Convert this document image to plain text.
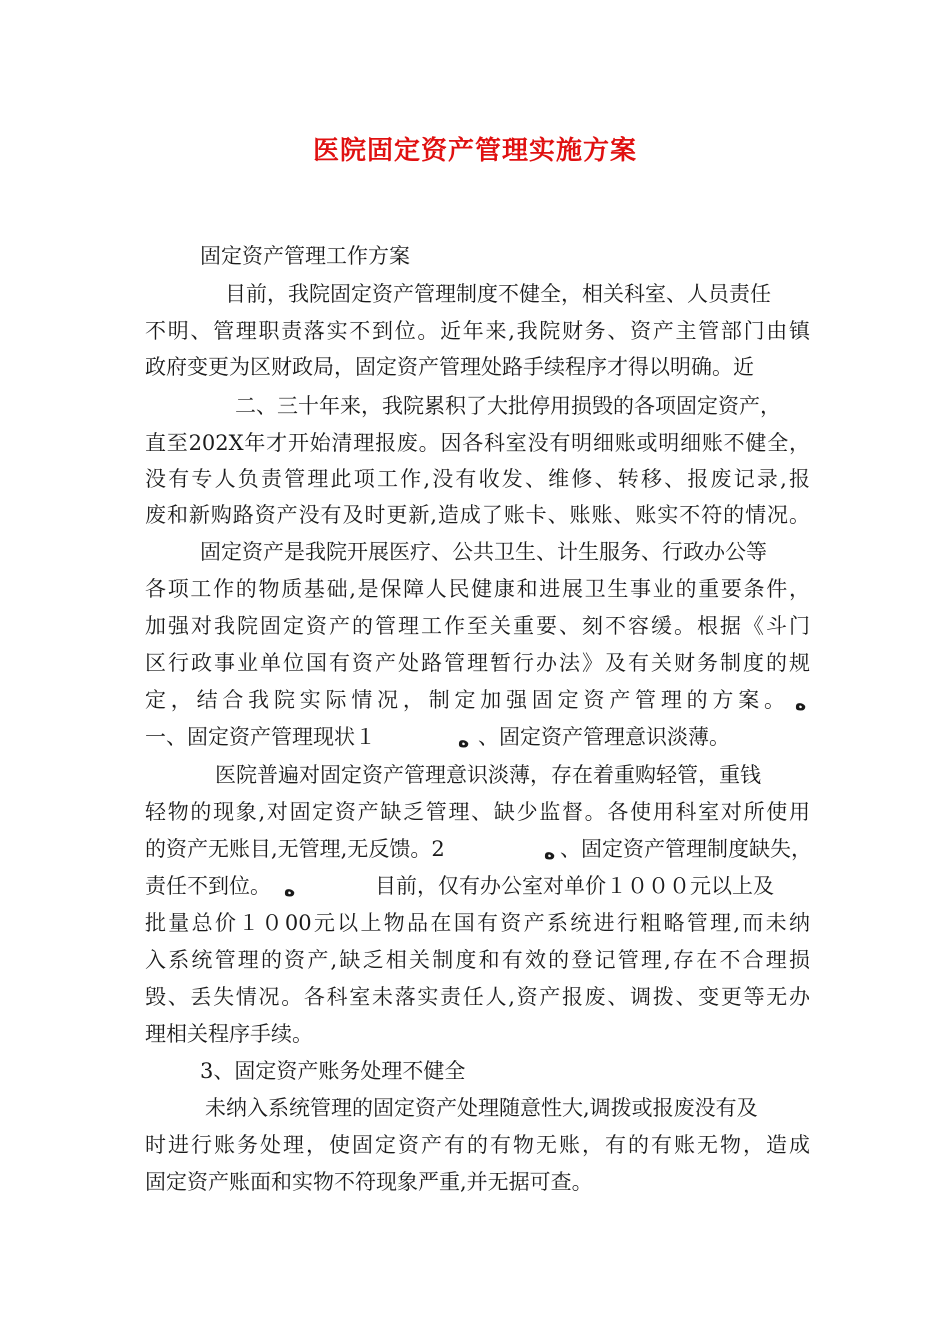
医院固定资产管理实施方案
固定资产管理工作方案
目前，我院固定资产管理制度不健全，相关科室、人员责任
不明、管理职责落实不到位。近年来,我院财务、资产主管部门由镇
政府变更为区财政局，固定资产管理处路手续程序才得以明确。近
二、三十年来，我院累积了大批停用损毁的各项固定资产，
直至202X年才开始清理报废。因各科室没有明细账或明细账不健全，
没有专人负责管理此项工作,没有收发、维修、转移、报废记录,报
废和新购路资产没有及时更新,造成了账卡、账账、账实不符的情况。
固定资产是我院开展医疗、公共卫生、计生服务、行政办公等
各项工作的物质基础,是保障人民健康和进展卫生事业的重要条件，
加强对我院固定资产的管理工作至关重要、刻不容缓。根据《斗门
区行政事业单位国有资产处路管理暂行办法》及有关财务制度的规
定，结合我院实际情况，制定加强固定资产管理的方案。 ﻩ
一、固定资产管理现状１	ﻩ 、固定资产管理意识淡薄。
医院普遍对固定资产管理意识淡薄，存在着重购轻管，重钱
轻物的现象,对固定资产缺乏管理、缺少监督。各使用科室对所使用
的资产无账目,无管理,无反馈。2	ﻩ 、固定资产管理制度缺失，
责任不到位。 ﻩ	目前，仅有办公室对单价１０００元以上及
批量总价１０00元以上物品在国有资产系统进行粗略管理,而未纳
入系统管理的资产,缺乏相关制度和有效的登记管理,存在不合理损
毁、丢失情况。各科室未落实责任人,资产报废、调拨、变更等无办
理相关程序手续。
3、固定资产账务处理不健全
未纳入系统管理的固定资产处理随意性大,调拨或报废没有及
时进行账务处理，使固定资产有的有物无账，有的有账无物，造成
固定资产账面和实物不符现象严重,并无据可查。
